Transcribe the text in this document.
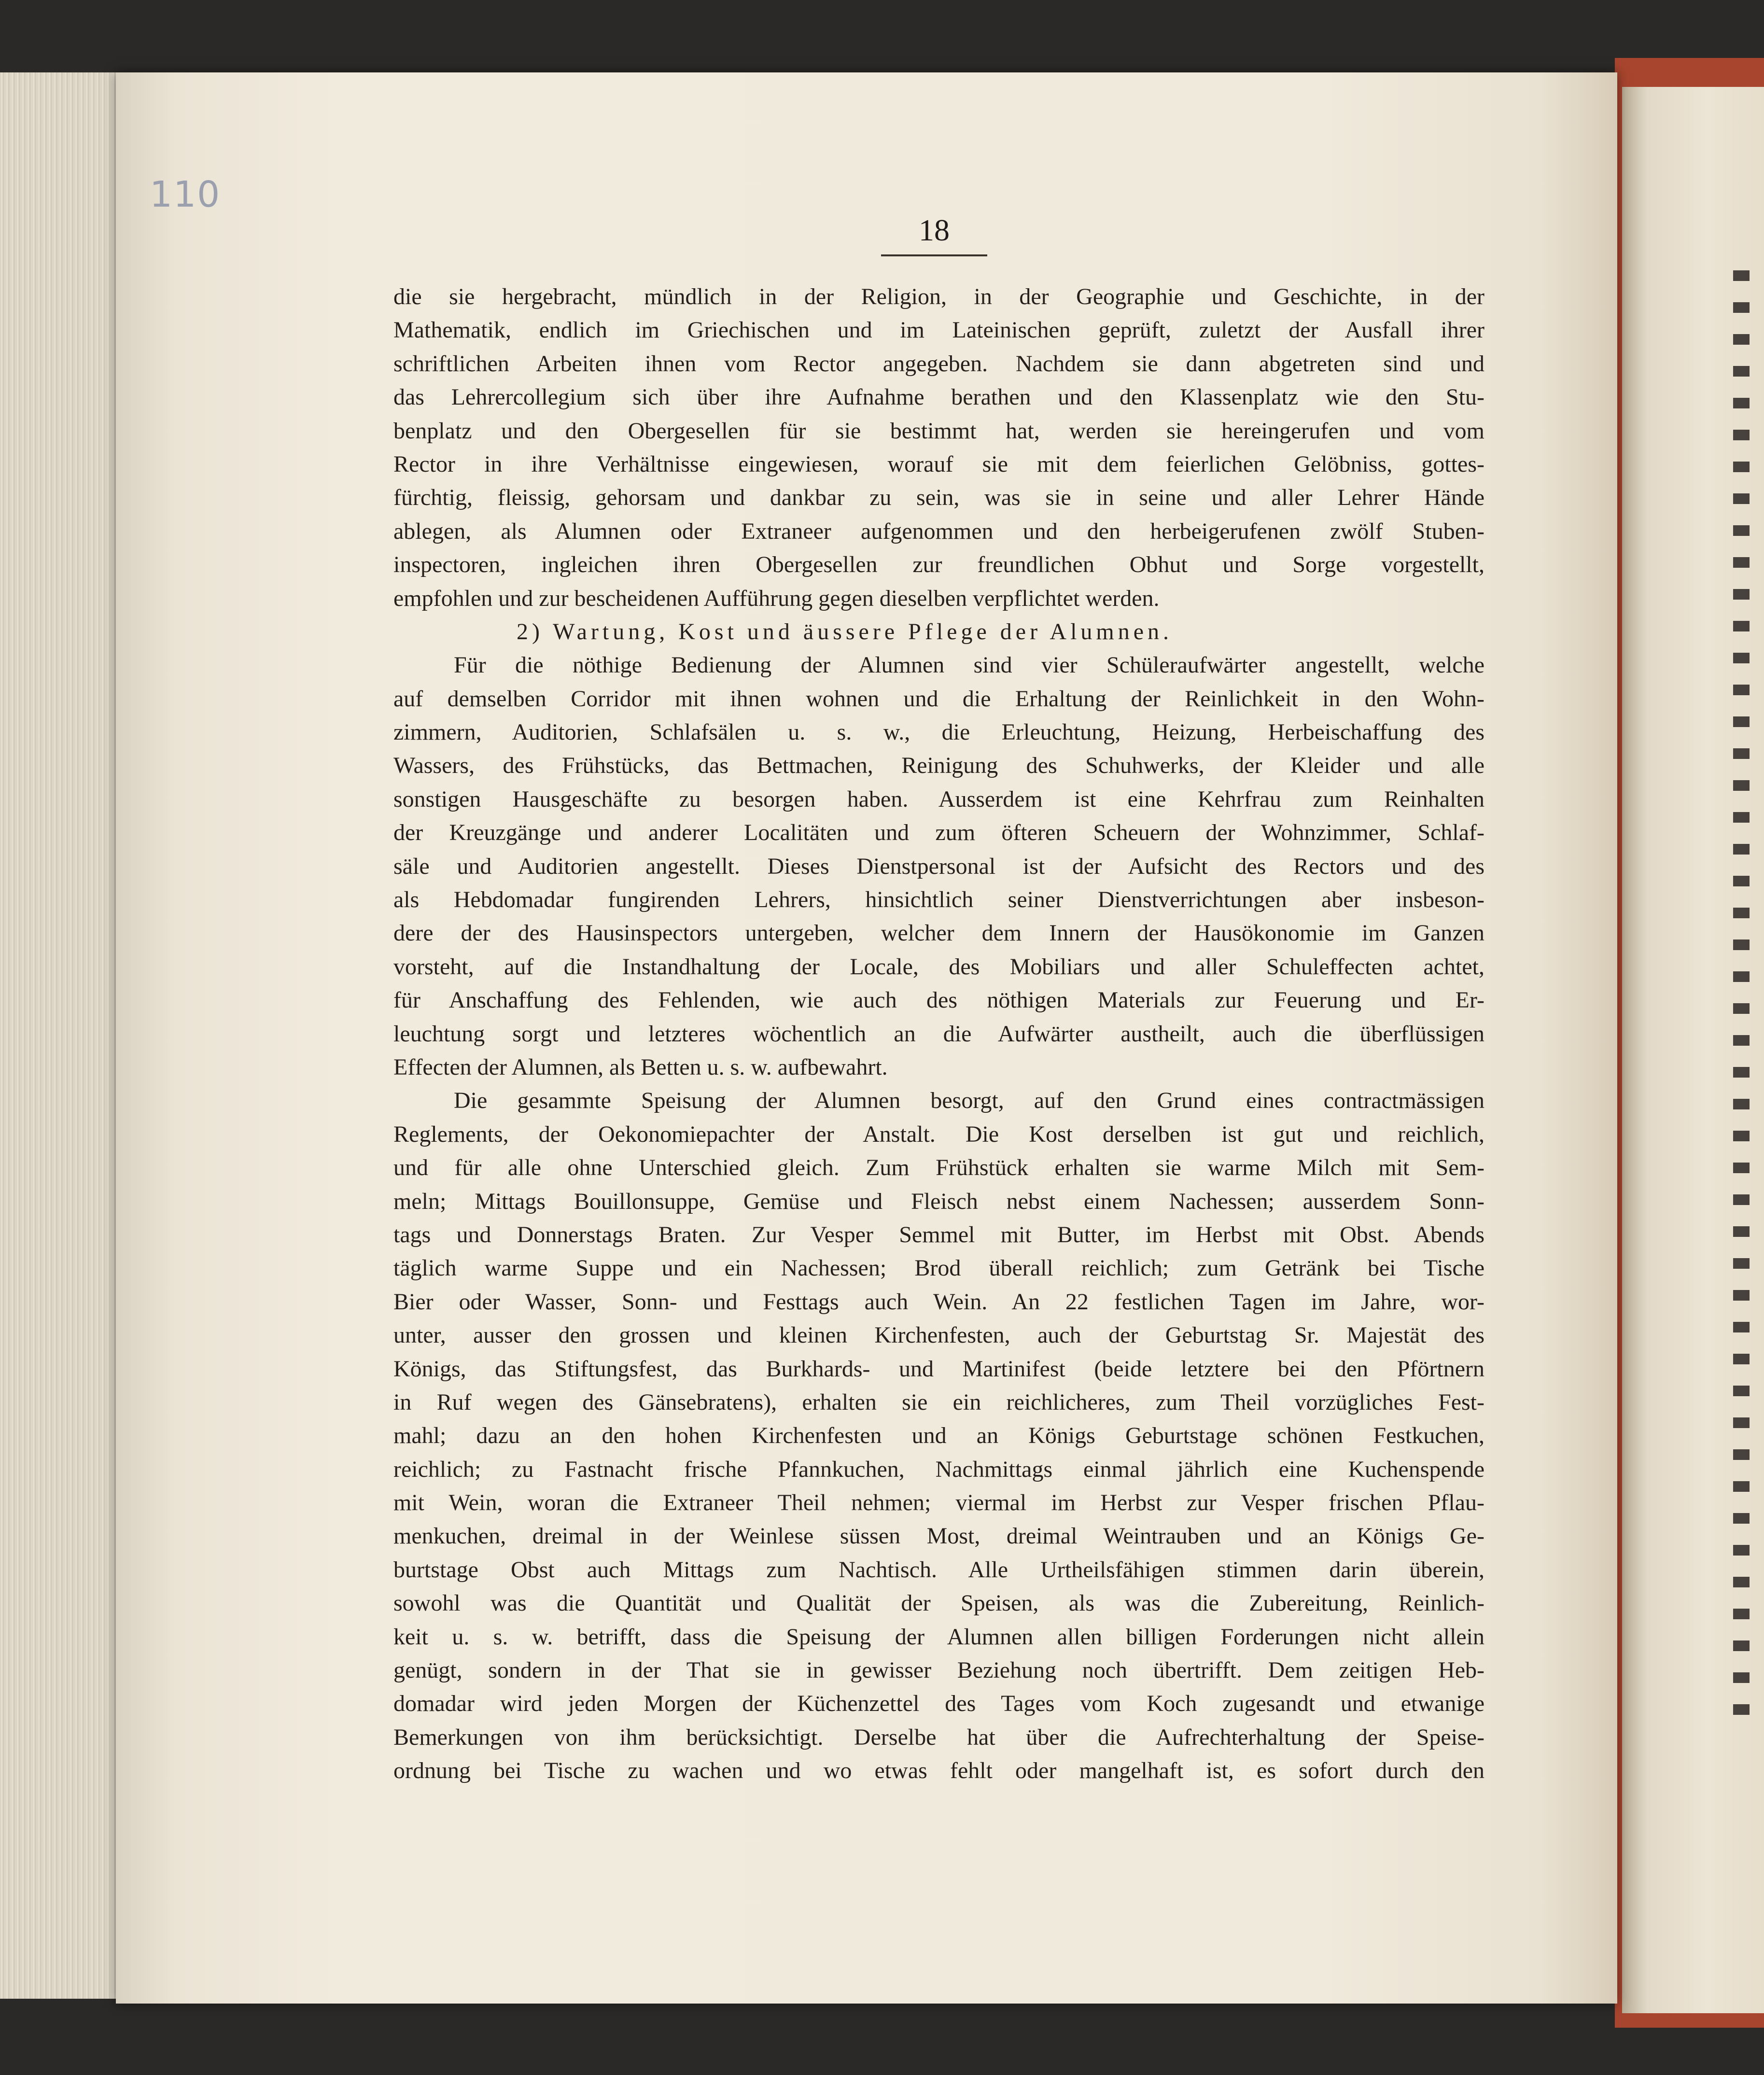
110
18
die sie hergebracht, mündlich in der Religion, in der Geographie und Geschichte, in der
Mathematik, endlich im Griechischen und im Lateinischen geprüft, zuletzt der Ausfall ihrer
schriftlichen Arbeiten ihnen vom Rector angegeben. Nachdem sie dann abgetreten sind und
das Lehrercollegium sich über ihre Aufnahme berathen und den Klassenplatz wie den Stu-
benplatz und den Obergesellen für sie bestimmt hat, werden sie hereingerufen und vom
Rector in ihre Verhältnisse eingewiesen, worauf sie mit dem feierlichen Gelöbniss, gottes-
fürchtig, fleissig, gehorsam und dankbar zu sein, was sie in seine und aller Lehrer Hände
ablegen, als Alumnen oder Extraneer aufgenommen und den herbeigerufenen zwölf Stuben-
inspectoren, ingleichen ihren Obergesellen zur freundlichen Obhut und Sorge vorgestellt,
empfohlen und zur bescheidenen Aufführung gegen dieselben verpflichtet werden.
2) Wartung, Kost und äussere Pflege der Alumnen.
Für die nöthige Bedienung der Alumnen sind vier Schüleraufwärter angestellt, welche
auf demselben Corridor mit ihnen wohnen und die Erhaltung der Reinlichkeit in den Wohn-
zimmern, Auditorien, Schlafsälen u. s. w., die Erleuchtung, Heizung, Herbeischaffung des
Wassers, des Frühstücks, das Bettmachen, Reinigung des Schuhwerks, der Kleider und alle
sonstigen Hausgeschäfte zu besorgen haben. Ausserdem ist eine Kehrfrau zum Reinhalten
der Kreuzgänge und anderer Localitäten und zum öfteren Scheuern der Wohnzimmer, Schlaf-
säle und Auditorien angestellt. Dieses Dienstpersonal ist der Aufsicht des Rectors und des
als Hebdomadar fungirenden Lehrers, hinsichtlich seiner Dienstverrichtungen aber insbeson-
dere der des Hausinspectors untergeben, welcher dem Innern der Hausökonomie im Ganzen
vorsteht, auf die Instandhaltung der Locale, des Mobiliars und aller Schuleffecten achtet,
für Anschaffung des Fehlenden, wie auch des nöthigen Materials zur Feuerung und Er-
leuchtung sorgt und letzteres wöchentlich an die Aufwärter austheilt, auch die überflüssigen
Effecten der Alumnen, als Betten u. s. w. aufbewahrt.
Die gesammte Speisung der Alumnen besorgt, auf den Grund eines contractmässigen
Reglements, der Oekonomiepachter der Anstalt. Die Kost derselben ist gut und reichlich,
und für alle ohne Unterschied gleich. Zum Frühstück erhalten sie warme Milch mit Sem-
meln; Mittags Bouillonsuppe, Gemüse und Fleisch nebst einem Nachessen; ausserdem Sonn-
tags und Donnerstags Braten. Zur Vesper Semmel mit Butter, im Herbst mit Obst. Abends
täglich warme Suppe und ein Nachessen; Brod überall reichlich; zum Getränk bei Tische
Bier oder Wasser, Sonn- und Festtags auch Wein. An 22 festlichen Tagen im Jahre, wor-
unter, ausser den grossen und kleinen Kirchenfesten, auch der Geburtstag Sr. Majestät des
Königs, das Stiftungsfest, das Burkhards- und Martinifest (beide letztere bei den Pförtnern
in Ruf wegen des Gänsebratens), erhalten sie ein reichlicheres, zum Theil vorzügliches Fest-
mahl; dazu an den hohen Kirchenfesten und an Königs Geburtstage schönen Festkuchen,
reichlich; zu Fastnacht frische Pfannkuchen, Nachmittags einmal jährlich eine Kuchenspende
mit Wein, woran die Extraneer Theil nehmen; viermal im Herbst zur Vesper frischen Pflau-
menkuchen, dreimal in der Weinlese süssen Most, dreimal Weintrauben und an Königs Ge-
burtstage Obst auch Mittags zum Nachtisch. Alle Urtheilsfähigen stimmen darin überein,
sowohl was die Quantität und Qualität der Speisen, als was die Zubereitung, Reinlich-
keit u. s. w. betrifft, dass die Speisung der Alumnen allen billigen Forderungen nicht allein
genügt, sondern in der That sie in gewisser Beziehung noch übertrifft. Dem zeitigen Heb-
domadar wird jeden Morgen der Küchenzettel des Tages vom Koch zugesandt und etwanige
Bemerkungen von ihm berücksichtigt. Derselbe hat über die Aufrechterhaltung der Speise-
ordnung bei Tische zu wachen und wo etwas fehlt oder mangelhaft ist, es sofort durch den
